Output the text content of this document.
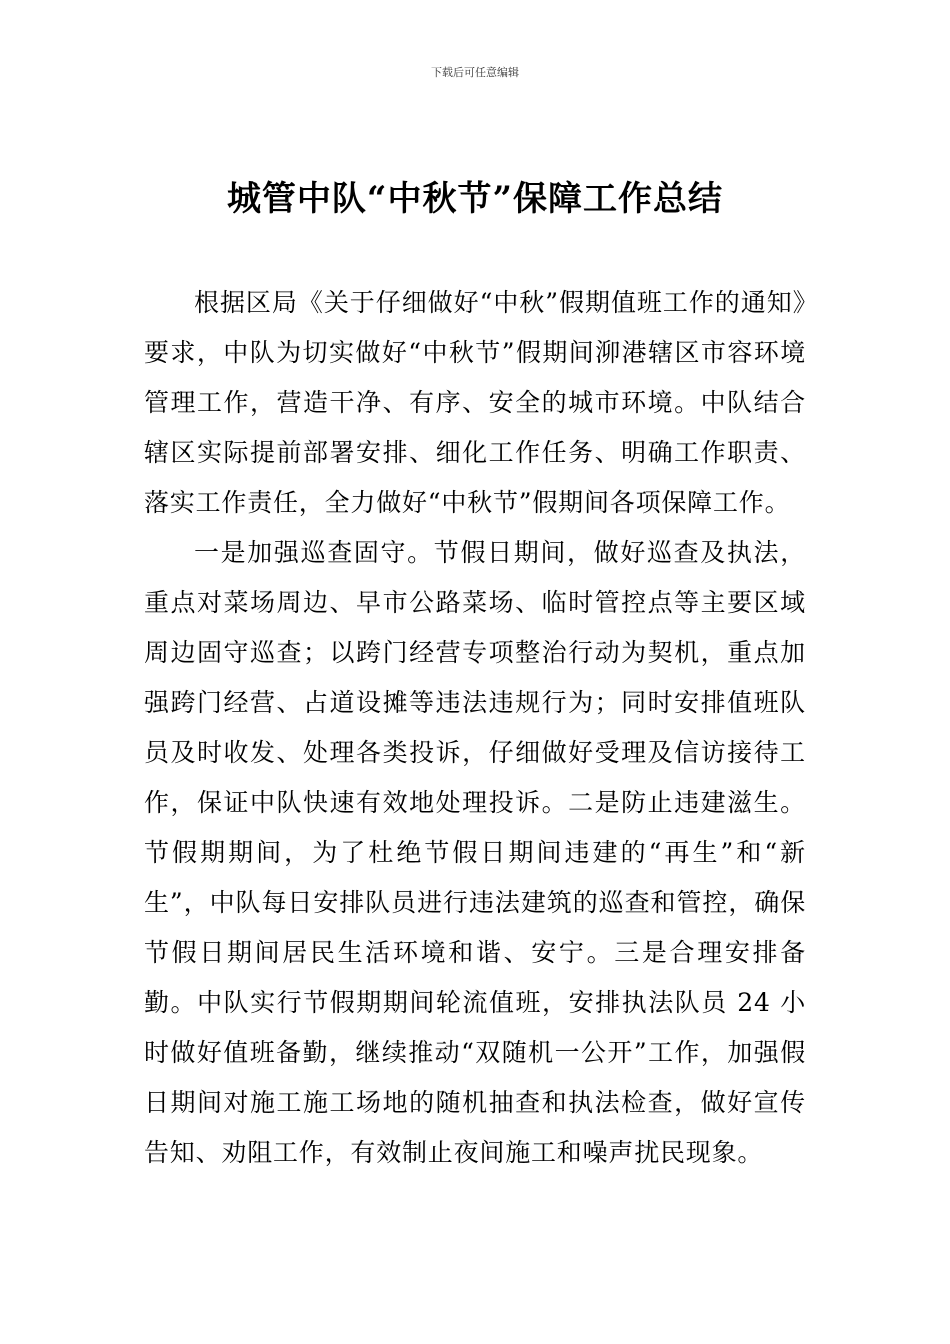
下载后可任意编辑
城管中队“中秋节”保障工作总结

根据区局《关于仔细做好“中秋”假期值班工作的通知》要求，中队为切实做好“中秋节”假期间泖港辖区市容环境管理工作，营造干净、有序、安全的城市环境。中队结合辖区实际提前部署安排、细化工作任务、明确工作职责、落实工作责任，全力做好“中秋节”假期间各项保障工作。

一是加强巡查固守。节假日期间，做好巡查及执法，重点对菜场周边、早市公路菜场、临时管控点等主要区域周边固守巡查；以跨门经营专项整治行动为契机，重点加强跨门经营、占道设摊等违法违规行为；同时安排值班队员及时收发、处理各类投诉，仔细做好受理及信访接待工作，保证中队快速有效地处理投诉。二是防止违建滋生。节假期期间，为了杜绝节假日期间违建的“再生”和“新生”，中队每日安排队员进行违法建筑的巡查和管控，确保节假日期间居民生活环境和谐、安宁。三是合理安排备勤。中队实行节假期期间轮流值班，安排执法队员 24 小时做好值班备勤，继续推动“双随机一公开”工作，加强假日期间对施工施工场地的随机抽查和执法检查，做好宣传告知、劝阻工作，有效制止夜间施工和噪声扰民现象。
